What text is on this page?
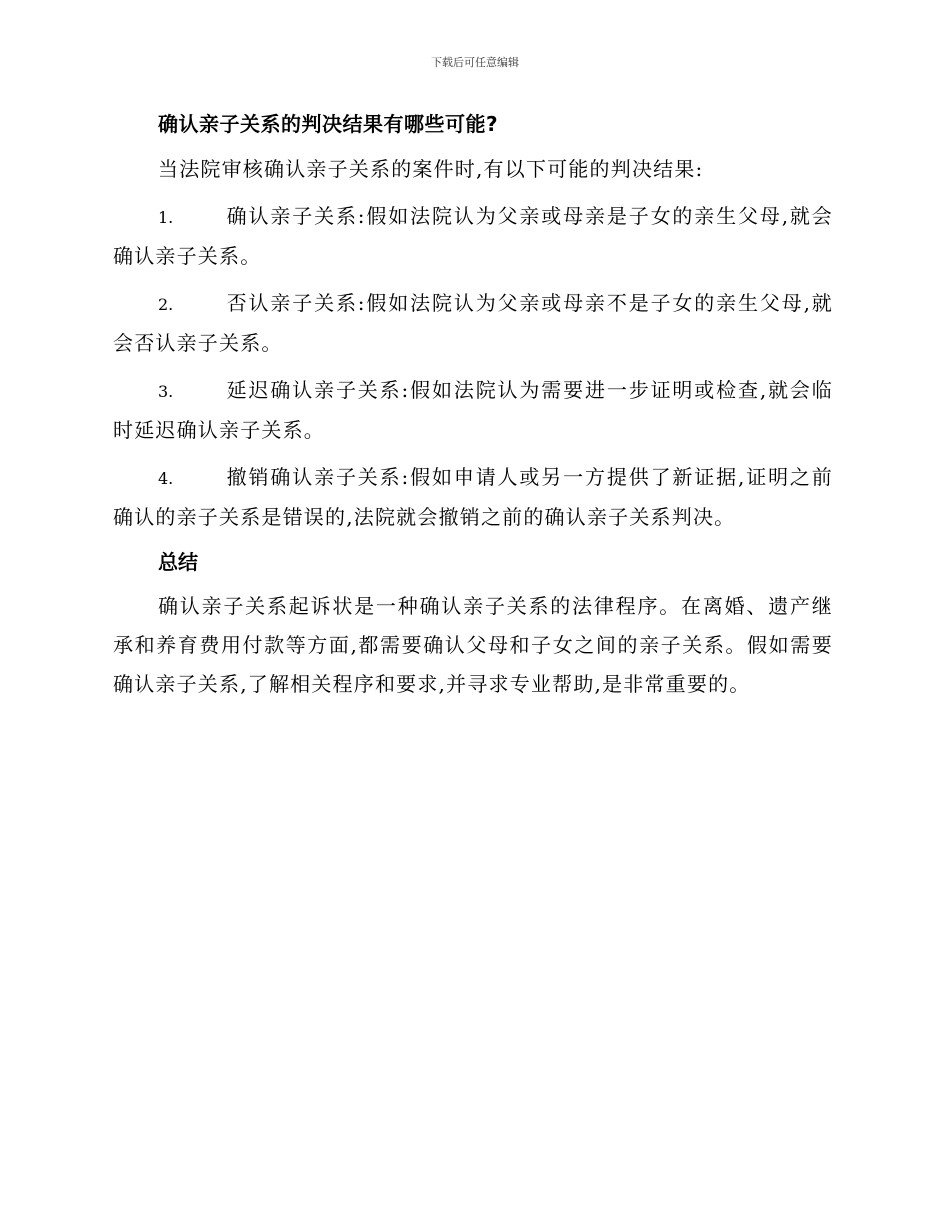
下载后可任意编辑
确认亲子关系的判决结果有哪些可能?

当法院审核确认亲子关系的案件时,有以下可能的判决结果:

1.	确认亲子关系:假如法院认为父亲或母亲是子女的亲生父母,就会确认亲子关系。

2.	否认亲子关系:假如法院认为父亲或母亲不是子女的亲生父母,就会否认亲子关系。

3.	延迟确认亲子关系:假如法院认为需要进一步证明或检查,就会临时延迟确认亲子关系。

4.	撤销确认亲子关系:假如申请人或另一方提供了新证据,证明之前确认的亲子关系是错误的,法院就会撤销之前的确认亲子关系判决。

总结

确认亲子关系起诉状是一种确认亲子关系的法律程序。在离婚、遗产继承和养育费用付款等方面,都需要确认父母和子女之间的亲子关系。假如需要确认亲子关系,了解相关程序和要求,并寻求专业帮助,是非常重要的。
